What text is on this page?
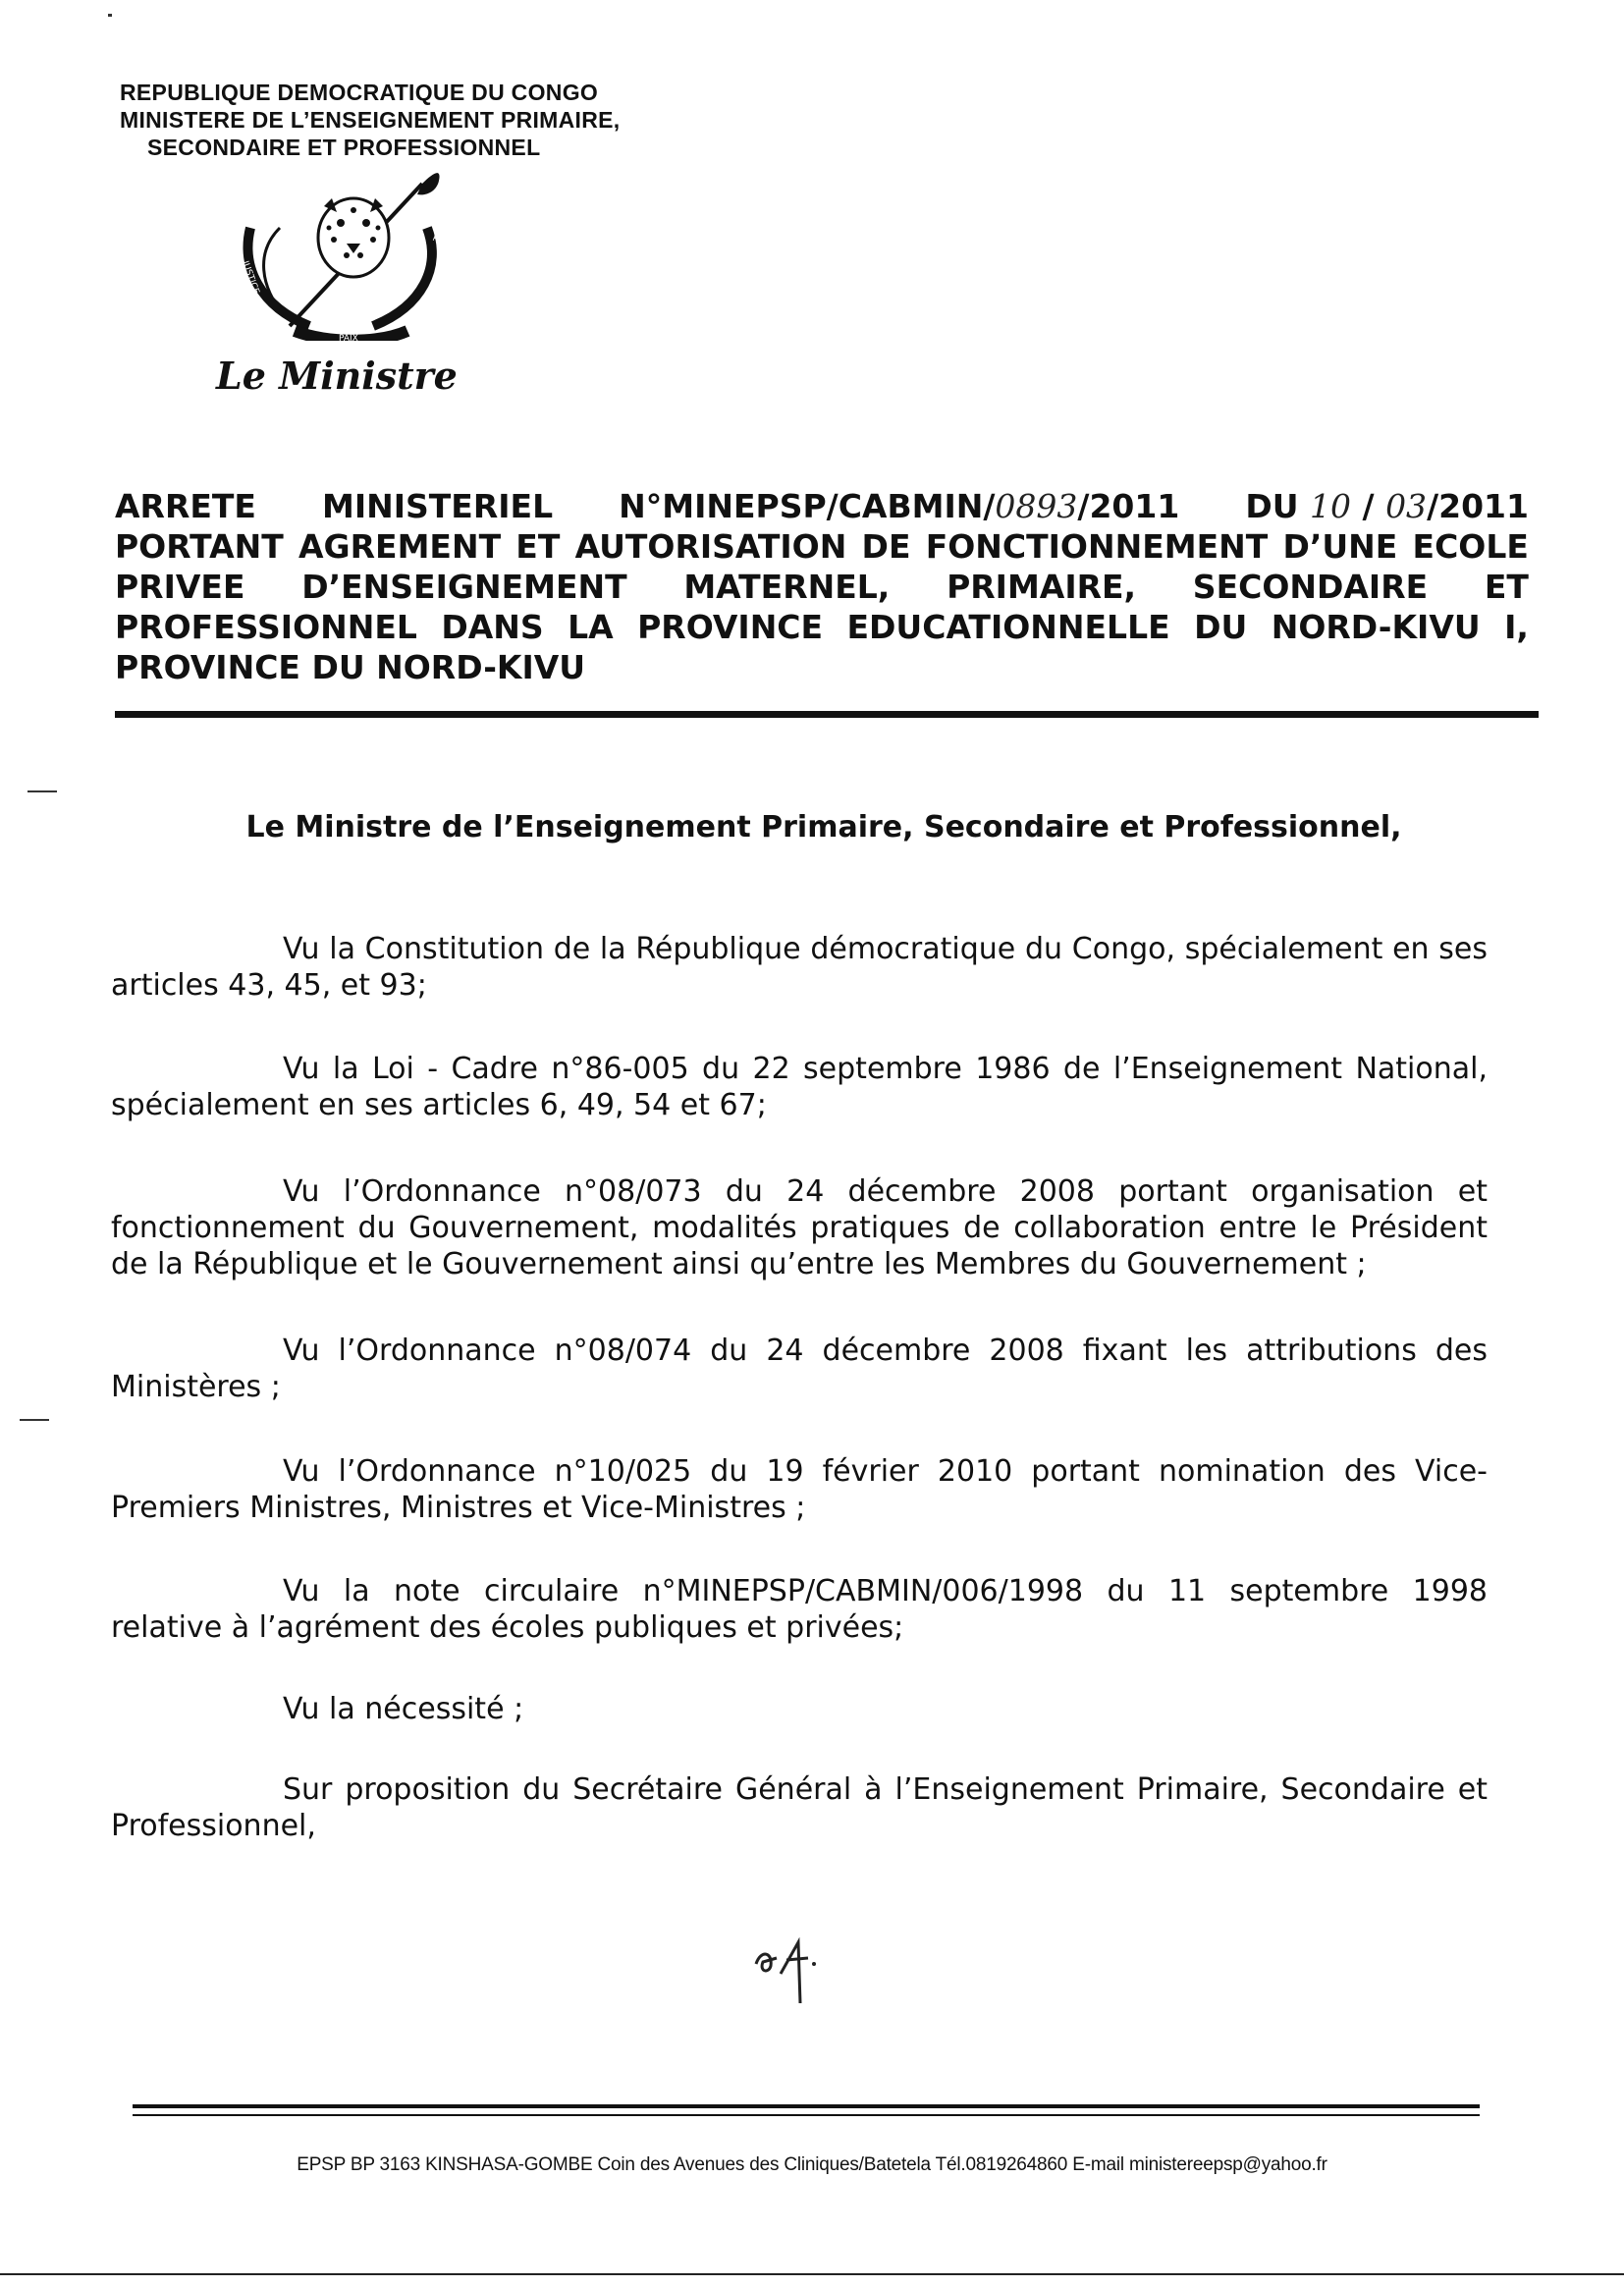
REPUBLIQUE DEMOCRATIQUE DU CONGO
MINISTERE DE L’ENSEIGNEMENT PRIMAIRE,
SECONDAIRE ET PROFESSIONNEL
JUSTICE
TRAVAIL
PAIX
Le Ministre
ARRETE MINISTERIEL N°MINEPSP/CABMIN/0893/2011 DU 10 / 03/2011
PORTANT AGREMENT ET AUTORISATION DE FONCTIONNEMENT D’UNE ECOLE
PRIVEE D’ENSEIGNEMENT MATERNEL, PRIMAIRE, SECONDAIRE ET
PROFESSIONNEL DANS LA PROVINCE EDUCATIONNELLE DU NORD-KIVU I,
PROVINCE DU NORD-KIVU
Le Ministre de l’Enseignement Primaire, Secondaire et Professionnel,
Vu la Constitution de la République démocratique du Congo, spécialement en ses articles 43, 45, et 93;
Vu la Loi - Cadre n°86-005 du 22 septembre 1986 de l’Enseignement National, spécialement en ses articles 6, 49, 54 et 67;
Vu l’Ordonnance n°08/073 du 24 décembre 2008 portant organisation et fonctionnement du Gouvernement, modalités pratiques de collaboration entre le Président de la République et le Gouvernement ainsi qu’entre les Membres du Gouvernement ;
Vu l’Ordonnance n°08/074 du 24 décembre 2008 fixant les attributions des Ministères ;
Vu l’Ordonnance n°10/025 du 19 février 2010 portant nomination des Vice-Premiers Ministres, Ministres et Vice-Ministres ;
Vu la note circulaire n°MINEPSP/CABMIN/006/1998 du 11 septembre 1998 relative à l’agrément des écoles publiques et privées;
Vu la nécessité ;
Sur proposition du Secrétaire Général à l’Enseignement Primaire, Secondaire et Professionnel,
EPSP BP 3163 KINSHASA-GOMBE Coin des Avenues des Cliniques/Batetela Tél.0819264860 E-mail ministereepsp@yahoo.fr
